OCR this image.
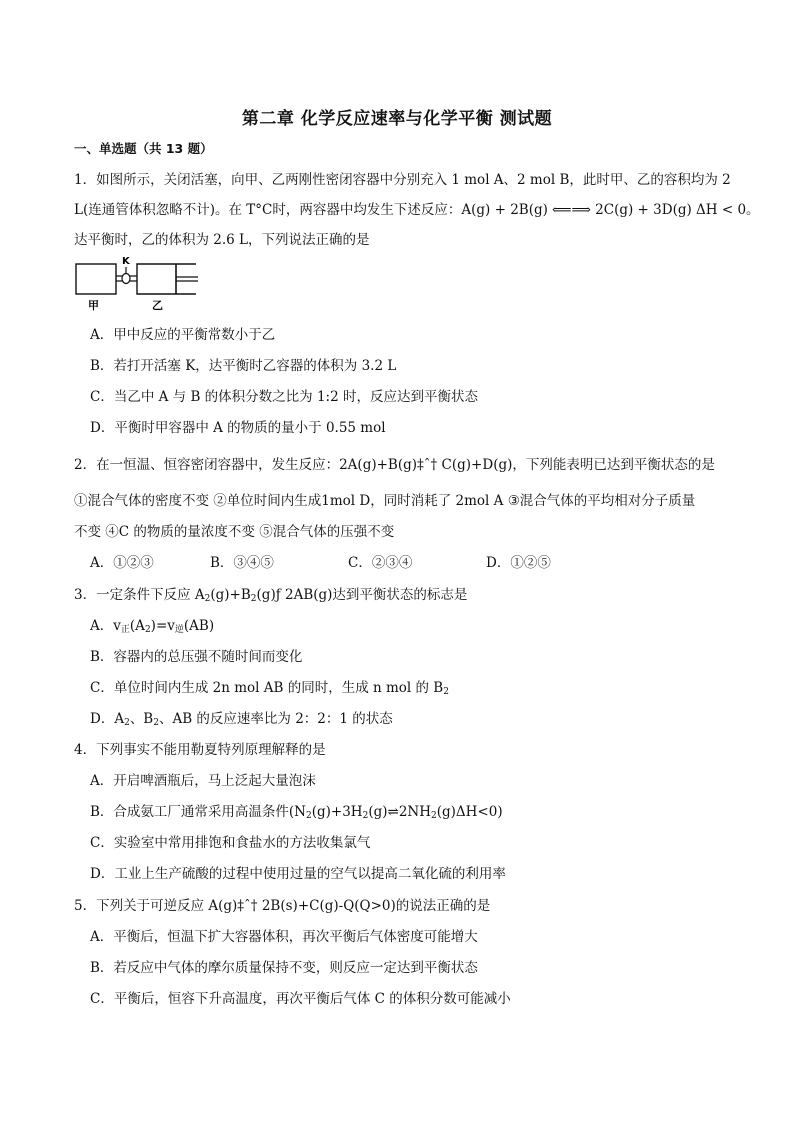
第二章 化学反应速率与化学平衡 测试题
一、单选题（共 13 题）
1．如图所示，关闭活塞，向甲、乙两刚性密闭容器中分别充入 1 mol A、2 mol B，此时甲、乙的容积均为 2
L(连通管体积忽略不计)。在 T°C时，两容器中均发生下述反应：A(g) + 2B(g) ⟸⟹ 2C(g) + 3D(g) ΔH < 0。
达平衡时，乙的体积为 2.6 L，下列说法正确的是
K
甲	乙
A．甲中反应的平衡常数小于乙
B．若打开活塞 K，达平衡时乙容器的体积为 3.2 L
C．当乙中 A 与 B 的体积分数之比为 1:2 时，反应达到平衡状态
D．平衡时甲容器中 A 的物质的量小于 0.55 mol
2．在一恒温、恒容密闭容器中，发生反应：2A(g)+B(g)‡ˆ† C(g)+D(g)，下列能表明已达到平衡状态的是
①混合气体的密度不变 ②单位时间内生成1mol D，同时消耗了 2mol A ③混合气体的平均相对分子质量
不变 ④C 的物质的量浓度不变 ⑤混合气体的压强不变
A．①②③	B．③④⑤	C．②③④	D．①②⑤
3．一定条件下反应 $A_2(g)+B_2(g)ƒ$ 2AB(g)达到平衡状态的标志是
A．$v_正(A_2)=v_逆(AB)$
B．容器内的总压强不随时间而变化
C．单位时间内生成 2n mol AB 的同时，生成 n mol 的 $B_2$
D．$A_2$、$B_2$、AB 的反应速率比为 2：2：1 的状态
4．下列事实不能用勒夏特列原理解释的是
A．开启啤酒瓶后，马上泛起大量泡沫
B．合成氨工厂通常采用高温条件$(N_2(g)+3H_2(g)\rightleftharpoons 2NH_2(g)\Delta H<0)$
C．实验室中常用排饱和食盐水的方法收集氯气
D．工业上生产硫酸的过程中使用过量的空气以提高二氧化硫的利用率
5．下列关于可逆反应 A(g)‡ˆ† 2B(s)+C(g)-Q(Q>0)的说法正确的是
A．平衡后，恒温下扩大容器体积，再次平衡后气体密度可能增大
B．若反应中气体的摩尔质量保持不变，则反应一定达到平衡状态
C．平衡后，恒容下升高温度，再次平衡后气体 C 的体积分数可能减小
